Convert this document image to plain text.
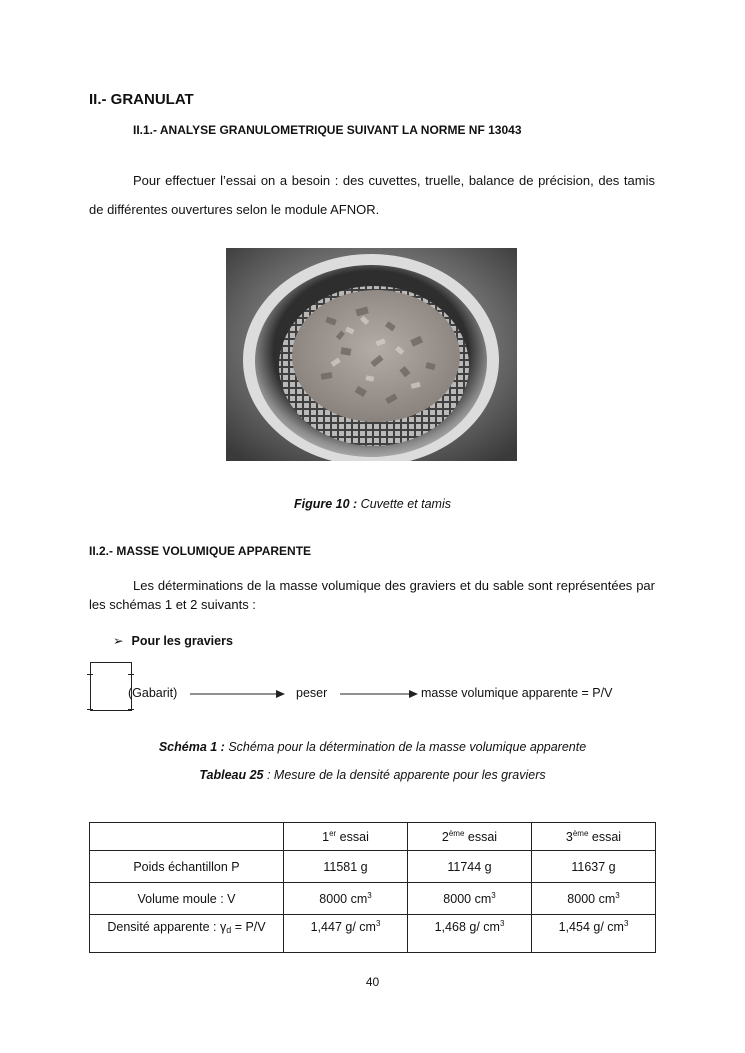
II.- GRANULAT
II.1.- ANALYSE GRANULOMETRIQUE SUIVANT LA NORME NF 13043
Pour effectuer l’essai on a besoin : des cuvettes, truelle, balance de précision, des tamis de différentes ouvertures selon le module AFNOR.
Figure 10 : Cuvette et tamis
II.2.- MASSE VOLUMIQUE APPARENTE
Les déterminations de la masse volumique des graviers et du sable sont représentées par les schémas 1 et 2 suivants :
➢ Pour les graviers
(Gabarit)	peser	masse volumique apparente = P/V
Schéma 1 : Schéma pour la détermination de la masse volumique apparente
Tableau 25 : Mesure de la densité apparente pour les graviers
	1er essai	2ème essai	3ème essai
Poids échantillon P	11581 g	11744 g	11637 g
Volume moule : V	8000 $cm^3$	8000 $cm^3$	8000 $cm^3$
Densité apparente : $\gamma_d = P/V$	1,447 g/ $cm^3$	1,468 g/ $cm^3$	1,454 g/ $cm^3$
40
